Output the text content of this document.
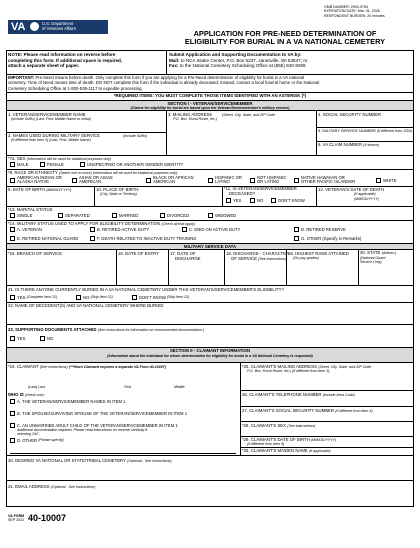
OMB NUMBER: 2900-0784
EXPIRATION DATE: Mar. 31, 2026
RESPONDENT BURDEN: 20 minutes
VA	U.S. Department
of Veterans Affairs
APPLICATION FOR PRE-NEED DETERMINATION OF
ELIGIBILITY FOR BURIAL IN A VA NATIONAL CEMETERY
NOTE: Please read information on reverse before
completing this form. If additional space is required,
attach a separate sheet of paper.
Submit Application and Supporting Documentation to VA by:
Mail: to NCA Intake Center, P.O. Box 5237, Janesville, WI 53547; or
Fax: to the National Cemetery Scheduling Office at (855) 840-8299
IMPORTANT: Pre-Need means before death. Only complete this form if you are applying for a Pre-Need determination of eligibility for burial in a VA national
cemetery. Time of Need means time of death. DO NOT complete this form if the individual is already deceased; instead, contact a local funeral home or the National
Cemetery Scheduling Office at 1-800-535-1117 to expedite processing.
*REQUIRED ITEMS: YOU MUST COMPLETE THOSE ITEMS IDENTIFIED WITH AN ASTERISK (*)
SECTION I - VETERAN/SERVICEMEMBER
(Claims for eligibility for burial are based upon the Veteran/Servicemember's military service)
1. VETERAN/SERVICEMEMBER NAME
(Include Suffix) (Last, First, Middle Name or Initial)
2. NAMES USED DURING MILITARY SERVICE	(Include Suffix)
(If different than Item 1) (Last, First, Middle Name)
3. MAILING ADDRESS	(Street, City, State, and ZIP Code
P.O. Box, Rural Route, etc.)
4. SOCIAL SECURITY NUMBER
5. MILITARY SERVICE NUMBER (If different from SSN)
6. VA CLAIM NUMBER (If known)
*7a. SEX (Information will be used for statistical purposes only)
MALE	FEMALE	UNSPECIFIED OR ANOTHER GENDER IDENTITY
*8. RACE OR ETHNICITY (Select one or more) (Information will be used for statistical purposes only)
AMERICAN INDIAN OR
ALASKA NATIVE
ASIAN OR ASIAN
AMERICAN
BLACK OR AFRICAN
AMERICAN
HISPANIC OR
LATINO
NOT HISPANIC
OR LATINO
NATIVE HAWAIIAN OR
OTHER PACIFIC ISLANDER	WHITE
9. DATE OF BIRTH (MM/DD/YYYY)	10. PLACE OF BIRTH
(City, State or Territory)
*11. IS VETERAN/SERVICEMEMBER
DECEASED?
YES	NO	DON'T KNOW
12. VETERAN'S DATE OF DEATH
(If applicable)
(MM/DD/YYYY)
*13. MARITAL STATUS
SINGLE	SEPARATED	MARRIED	DIVORCED	WIDOWED
*14. MILITARY STATUS USED TO APPLY FOR ELIGIBILITY DETERMINATION (Check all that apply)
A. VETERAN	B. RETIRED ACTIVE DUTY	C. DIED ON ACTIVE DUTY	D. RETIRED RESERVE
E. RETIRED NATIONAL GUARD	F. DEATH RELATED TO INACTIVE DUTY TRAINING	G. OTHER (Specify in Remarks)
MILITARY SERVICE DATA
*15. BRANCH OF SERVICE	16. DATE OF ENTRY	17. DATE OF
DISCHARGE
18. DISCHARGE - CHARACTER
OF SERVICE (See instructions)
19. HIGHEST RANK ATTAINED
(No pay grades)
20. STATE (Abbrev.)
(National Guard
Service Only)
21. IS THERE ANYONE CURRENTLY BURIED IN A VA NATIONAL CEMETERY UNDER THIS VETERAN'S/SERVICEMEMBER'S ELIGIBILITY?
YES
(Complete Item 22)	NO
(Skip Item 22)	DON'T KNOW
(Skip Item 22)
22. NAME OF DECEDENT(S) AND VA NATIONAL CEMETERY WHERE BURIED
23. SUPPORTING DOCUMENTS ATTACHED (See instructions for information on recommended documentation.)
YES	NO
SECTION II - CLAIMANT INFORMATION
(Information about the individual for whom determination for eligibility for burial in a VA National Cemetery is requested)
*24. CLAIMANT (See instructions) (***Each Claimant requires a separate VA Form 40-10007)
(Last) Last	First	Middle
WHO IS (check one):
A. THE VETERAN/SERVICEMEMBER NAMED IN ITEM 1
B. THE SPOUSE/SURVIVING SPOUSE OF THE VETERAN/SERVICEMEMBER IN ITEM 1
C. AN UNMARRIED ADULT CHILD OF THE VETERAN/SERVICEMEMBER IN ITEM 1
Additional documentation required. Please read instructions on reverse carefully if
selecting 24C.
D. OTHER
(Please specify)
*25. CLAIMANT'S MAILING ADDRESS (Street, City, State, and ZIP Code,
P.O. Box, Rural Route, etc.) (If different from item 3)
26. CLAIMANT'S TELEPHONE NUMBER (Include Area Code)
27. CLAIMANT'S SOCIAL SECURITY NUMBER (If different from item 4)
*28. CLAIMANT'S SEX (See instructions)
*29. CLAIMANT'S DATE OF BIRTH (MM/DD/YYYY)
(If different from item 9)
*29. CLAIMANT'S MAIDEN NAME (If applicable)
30. DESIRED VA NATIONAL OR STATE/TRIBAL CEMETERY (Optional - See instructions)
31. EMAIL ADDRESS (Optional - See instructions)
VA FORM
SEP 2022 40-10007
